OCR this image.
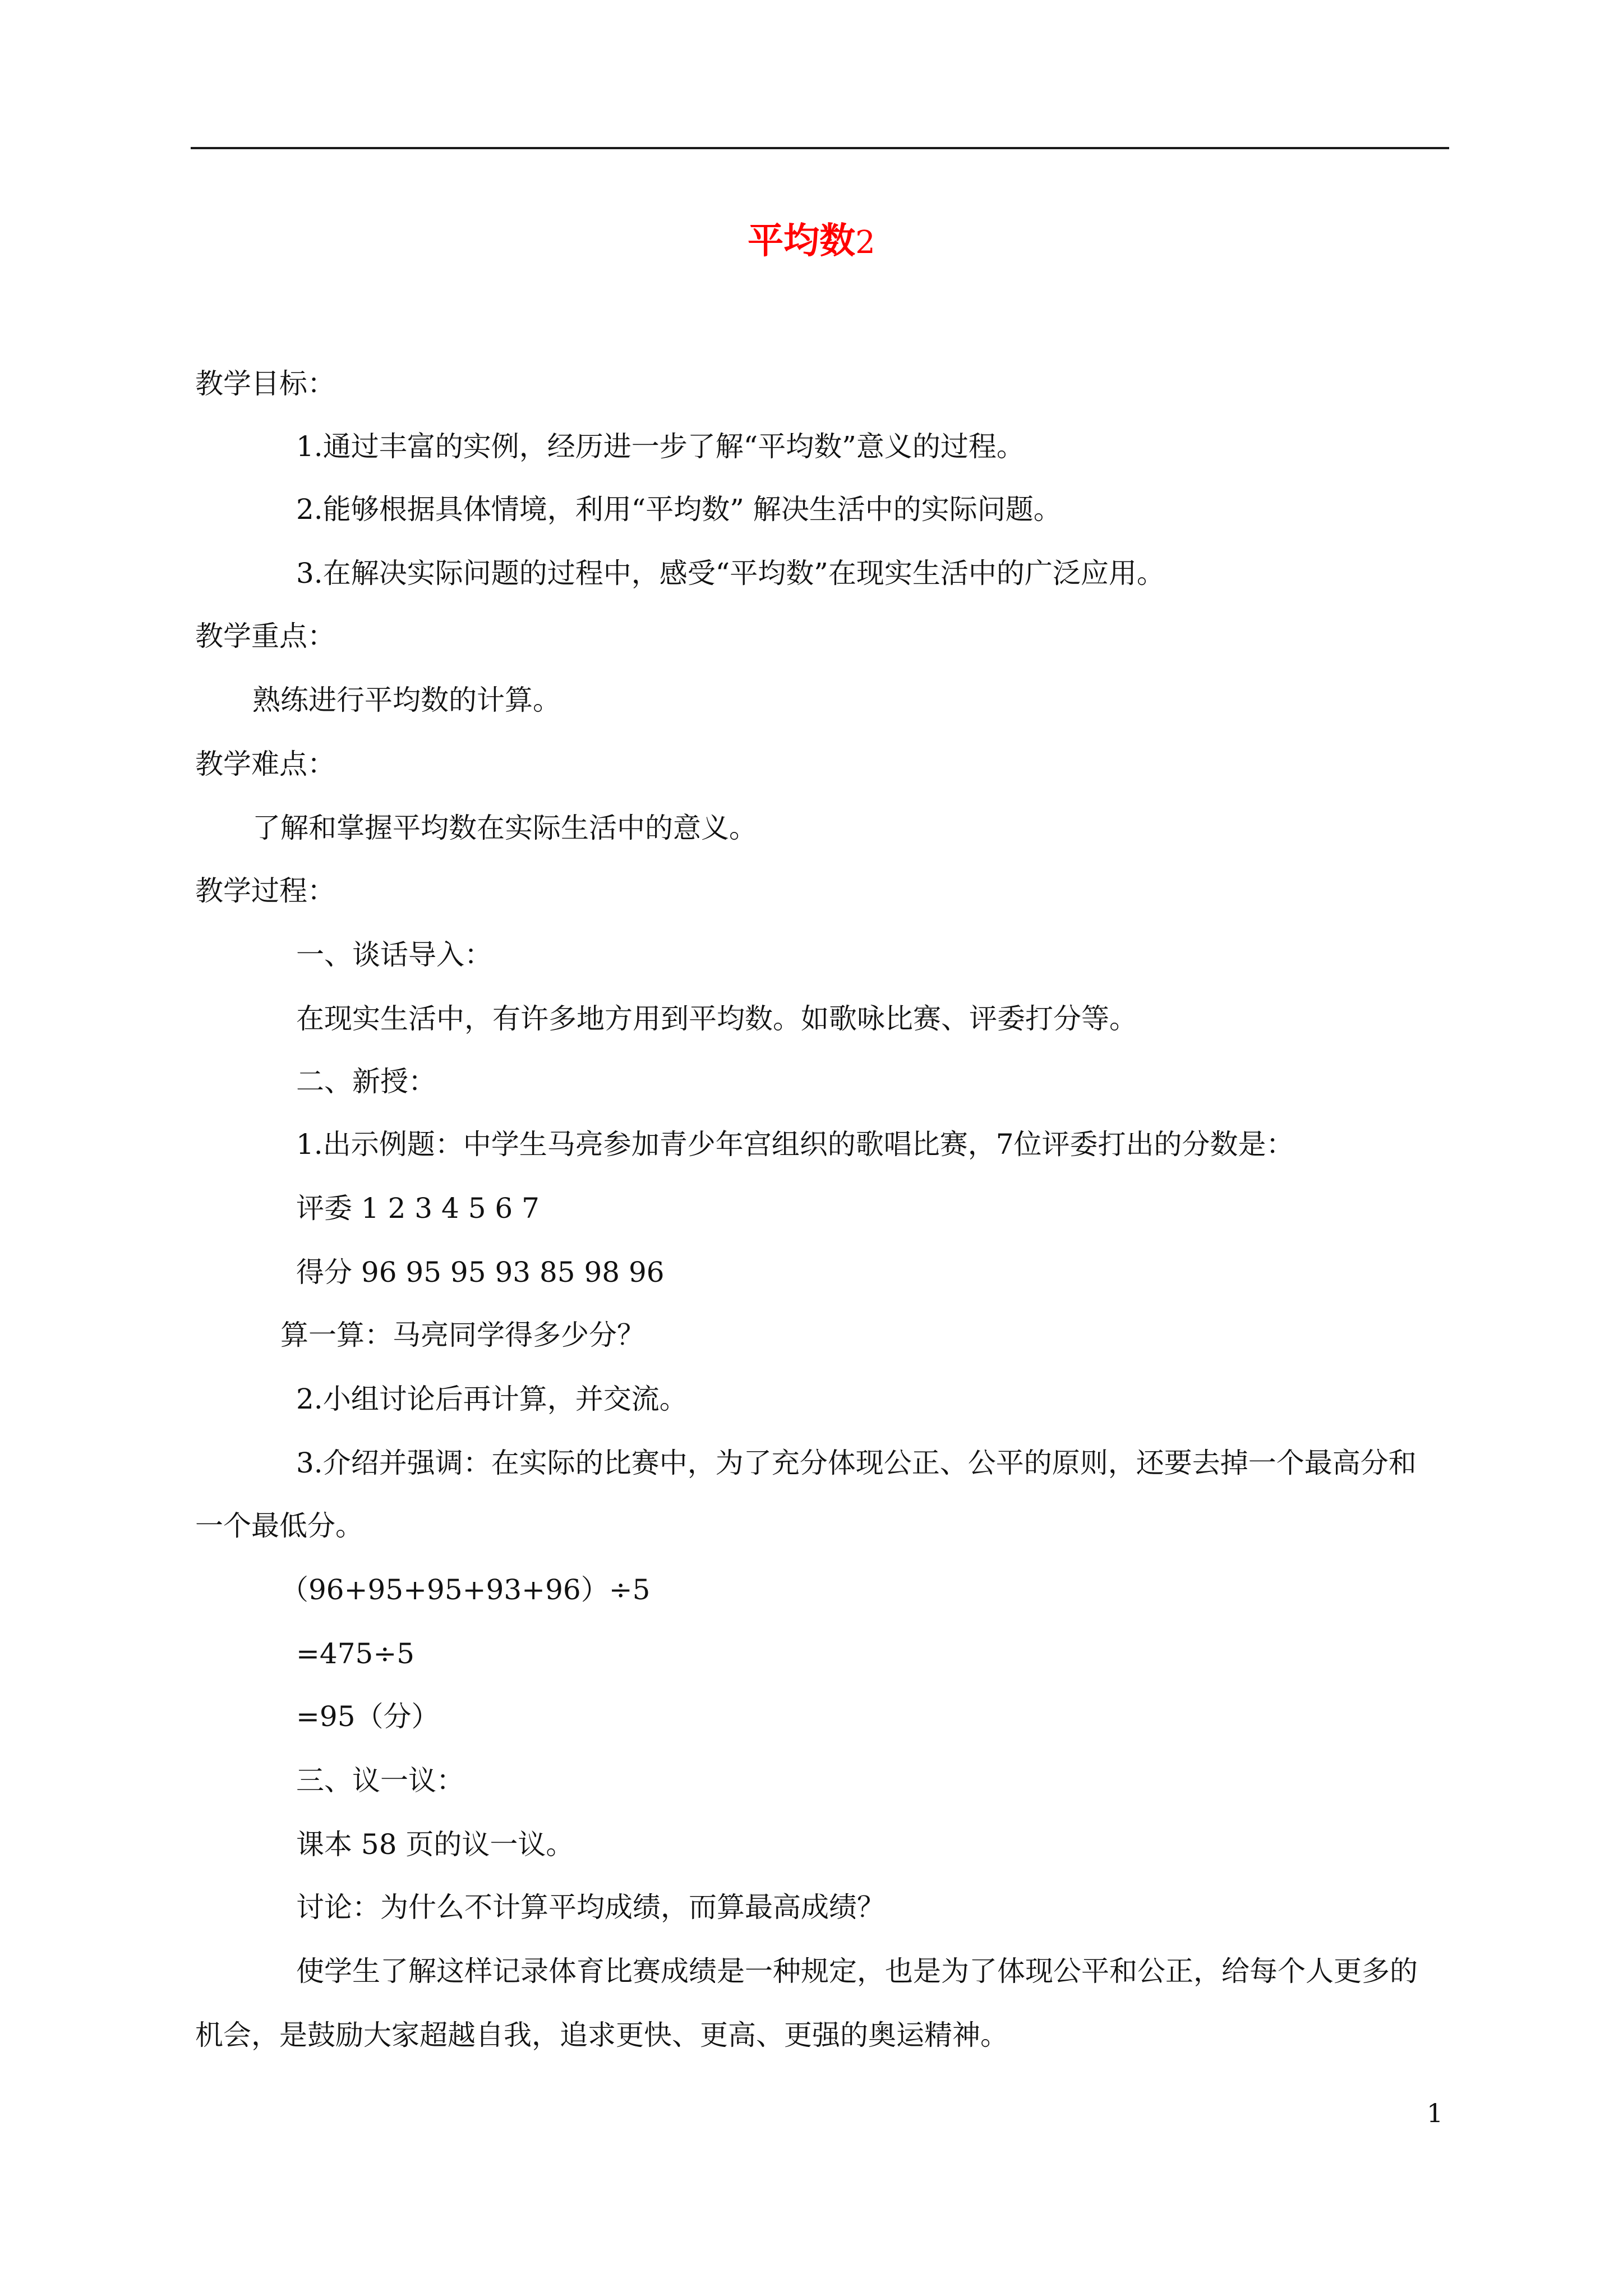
平均数2
教学目标：
1.通过丰富的实例，经历进一步了解“平均数”意义的过程。
2.能够根据具体情境，利用“平均数” 解决生活中的实际问题。
3.在解决实际问题的过程中，感受“平均数”在现实生活中的广泛应用。
教学重点：
熟练进行平均数的计算。
教学难点：
了解和掌握平均数在实际生活中的意义。
教学过程：
一、谈话导入：
在现实生活中，有许多地方用到平均数。如歌咏比赛、评委打分等。
二、新授：
1.出示例题：中学生马亮参加青少年宫组织的歌唱比赛，7位评委打出的分数是：
评委 1 2 3 4 5 6 7
得分 96 95 95 93 85 98 96
算一算：马亮同学得多少分？
2.小组讨论后再计算，并交流。
3.介绍并强调：在实际的比赛中，为了充分体现公正、公平的原则，还要去掉一个最高分和
一个最低分。
（96+95+95+93+96）÷5
=475÷5
=95（分）
三、议一议：
课本 58 页的议一议。
讨论：为什么不计算平均成绩，而算最高成绩？
使学生了解这样记录体育比赛成绩是一种规定，也是为了体现公平和公正，给每个人更多的
机会，是鼓励大家超越自我，追求更快、更高、更强的奥运精神。
1
